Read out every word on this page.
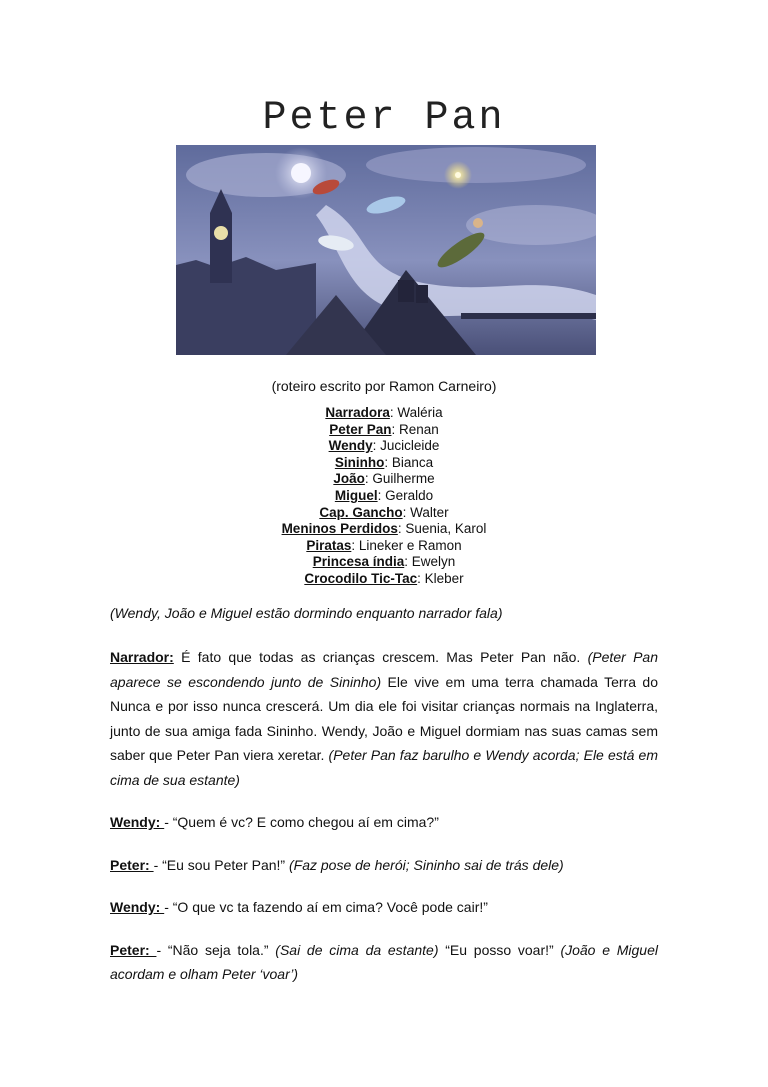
Peter Pan
(roteiro escrito por Ramon Carneiro)
Narradora: Waléria
Peter Pan: Renan
Wendy: Jucicleide
Sininho: Bianca
João: Guilherme
Miguel: Geraldo
Cap. Gancho: Walter
Meninos Perdidos: Suenia, Karol
Piratas: Lineker e Ramon
Princesa índia: Ewelyn
Crocodilo Tic-Tac: Kleber
(Wendy, João e Miguel estão dormindo enquanto narrador fala)

Narrador: É fato que todas as crianças crescem. Mas Peter Pan não. (Peter Pan aparece se escondendo junto de Sininho) Ele vive em uma terra chamada Terra do Nunca e por isso nunca crescerá. Um dia ele foi visitar crianças normais na Inglaterra, junto de sua amiga fada Sininho. Wendy, João e Miguel dormiam nas suas camas sem saber que Peter Pan viera xeretar. (Peter Pan faz barulho e Wendy acorda; Ele está em cima de sua estante)

Wendy: - “Quem é vc? E como chegou aí em cima?”

Peter: - “Eu sou Peter Pan!” (Faz pose de herói; Sininho sai de trás dele)

Wendy: - “O que vc ta fazendo aí em cima? Você pode cair!”

Peter: - “Não seja tola.” (Sai de cima da estante) “Eu posso voar!” (João e Miguel acordam e olham Peter ‘voar’)
